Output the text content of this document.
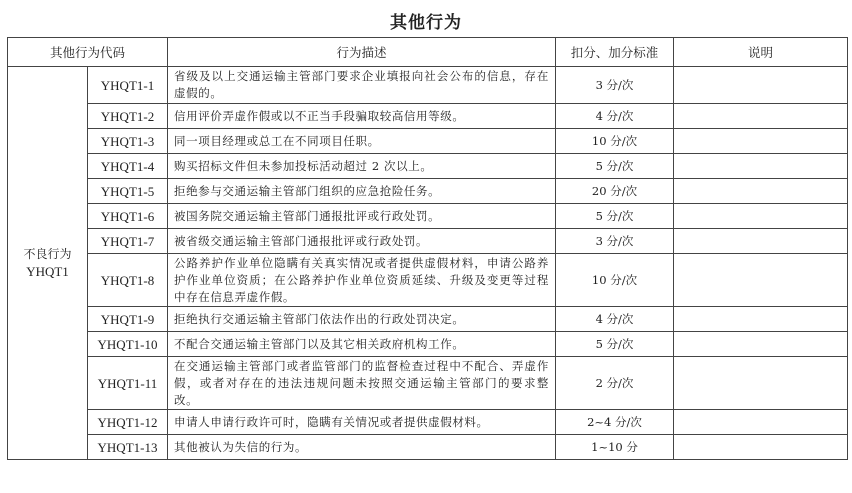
其他行为
其他行为代码		行为描述	扣分、加分标准	说明

不良行为
YHQT1	YHQT1-1	省级及以上交通运输主管部门要求企业填报向社会公布的信息，存在虚假的。	3 分/次	
	YHQT1-2	信用评价弄虚作假或以不正当手段骗取较高信用等级。	4 分/次	
	YHQT1-3	同一项目经理或总工在不同项目任职。	10 分/次	
	YHQT1-4	购买招标文件但未参加投标活动超过 2 次以上。	5 分/次	
	YHQT1-5	拒绝参与交通运输主管部门组织的应急抢险任务。	20 分/次	
	YHQT1-6	被国务院交通运输主管部门通报批评或行政处罚。	5 分/次	
	YHQT1-7	被省级交通运输主管部门通报批评或行政处罚。	3 分/次	
	YHQT1-8	公路养护作业单位隐瞒有关真实情况或者提供虚假材料，申请公路养护作业单位资质；在公路养护作业单位资质延续、升级及变更等过程中存在信息弄虚作假。	10 分/次	
	YHQT1-9	拒绝执行交通运输主管部门依法作出的行政处罚决定。	4 分/次	
	YHQT1-10	不配合交通运输主管部门以及其它相关政府机构工作。	5 分/次	
	YHQT1-11	在交通运输主管部门或者监管部门的监督检查过程中不配合、弄虚作假，或者对存在的违法违规问题未按照交通运输主管部门的要求整改。	2 分/次	
	YHQT1-12	申请人申请行政许可时，隐瞒有关情况或者提供虚假材料。	2~4 分/次	
	YHQT1-13	其他被认为失信的行为。	1~10 分	
